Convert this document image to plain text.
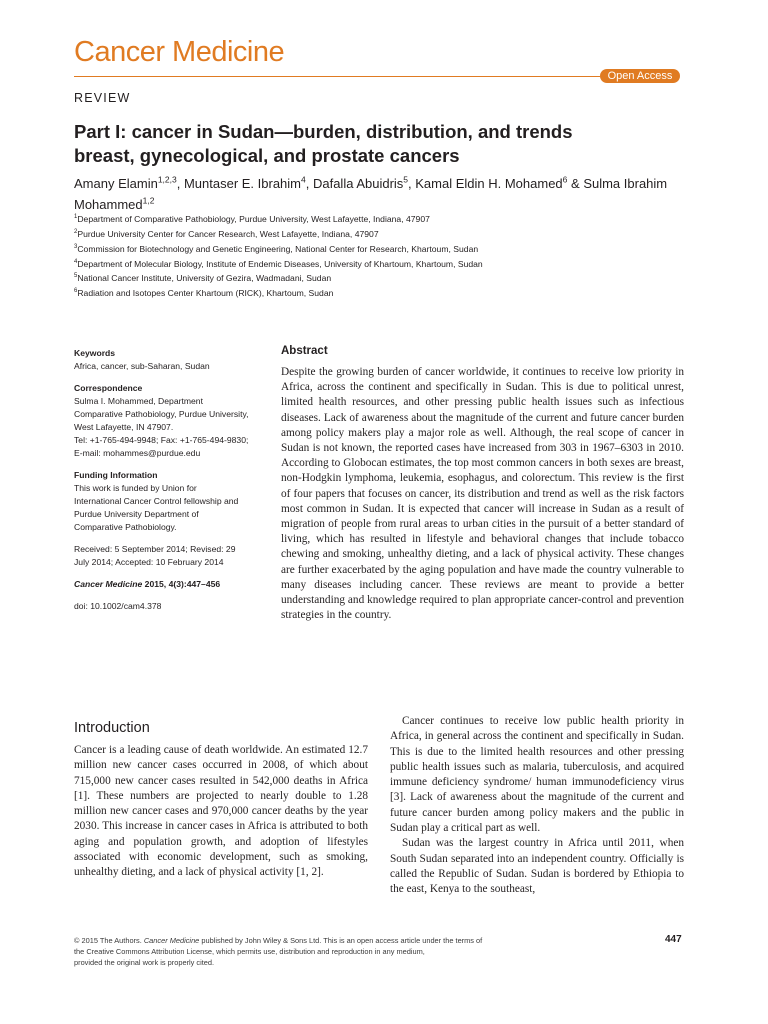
Cancer Medicine
Open Access
REVIEW
Part I: cancer in Sudan—burden, distribution, and trends
breast, gynecological, and prostate cancers
Amany Elamin$^{1,2,3}$, Muntaser E. Ibrahim$^4$, Dafalla Abuidris$^5$, Kamal Eldin H. Mohamed$^6$ & Sulma Ibrahim Mohammed$^{1,2}$
$^1$Department of Comparative Pathobiology, Purdue University, West Lafayette, Indiana, 47907
$^2$Purdue University Center for Cancer Research, West Lafayette, Indiana, 47907
$^3$Commission for Biotechnology and Genetic Engineering, National Center for Research, Khartoum, Sudan
$^4$Department of Molecular Biology, Institute of Endemic Diseases, University of Khartoum, Khartoum, Sudan
$^5$National Cancer Institute, University of Gezira, Wadmadani, Sudan
$^6$Radiation and Isotopes Center Khartoum (RICK), Khartoum, Sudan
Keywords
Africa, cancer, sub-Saharan, Sudan
Correspondence
Sulma I. Mohammed, Department
Comparative Pathobiology, Purdue University,
West Lafayette, IN 47907.
Tel: +1-765-494-9948; Fax: +1-765-494-9830;
E-mail: mohammes@purdue.edu
Funding Information
This work is funded by Union for
International Cancer Control fellowship and
Purdue University Department of
Comparative Pathobiology.
Received: 5 September 2014; Revised: 29
July 2014; Accepted: 10 February 2014
Cancer Medicine 2015, 4(3):447–456
doi: 10.1002/cam4.378
Abstract

Despite the growing burden of cancer worldwide, it continues to receive low priority in Africa, across the continent and specifically in Sudan. This is due to political unrest, limited health resources, and other pressing public health issues such as infectious diseases. Lack of awareness about the magnitude of the current and future cancer burden among policy makers play a major role as well. Although, the real scope of cancer in Sudan is not known, the reported cases have increased from 303 in 1967–6303 in 2010. According to Globocan estimates, the top most common cancers in both sexes are breast, non-Hodgkin lymphoma, leukemia, esophagus, and colorectum. This review is the first of four papers that focuses on cancer, its distribution and trend as well as the risk factors most common in Sudan. It is expected that cancer will increase in Sudan as a result of migration of people from rural areas to urban cities in the pursuit of a better standard of living, which has resulted in lifestyle and behavioral changes that include tobacco chewing and smoking, unhealthy dieting, and a lack of physical activity. These changes are further exacerbated by the aging population and have made the country vulnerable to many diseases including cancer. These reviews are meant to provide a better understanding and knowledge required to plan appropriate cancer-control and prevention strategies in the country.

Introduction

Cancer is a leading cause of death worldwide. An estimated 12.7 million new cancer cases occurred in 2008, of which about 715,000 new cancer cases resulted in 542,000 deaths in Africa [1]. These numbers are projected to nearly double to 1.28 million new cancer cases and 970,000 cancer deaths by the year 2030. This increase in cancer cases in Africa is attributed to both aging and population growth, and adoption of lifestyles associated with economic development, such as smoking, unhealthy dieting, and a lack of physical activity [1, 2].

Cancer continues to receive low public health priority in Africa, in general across the continent and specifically in Sudan. This is due to the limited health resources and other pressing public health issues such as malaria, tuberculosis, and acquired immune deficiency syndrome/ human immunodeficiency virus [3]. Lack of awareness about the magnitude of the current and future cancer burden among policy makers and the public in Sudan play a critical part as well.

Sudan was the largest country in Africa until 2011, when South Sudan separated into an independent country. Officially is called the Republic of Sudan. Sudan is bordered by Ethiopia to the east, Kenya to the southeast,

© 2015 The Authors. Cancer Medicine published by John Wiley & Sons Ltd. This is an open access article under the terms of
the Creative Commons Attribution License, which permits use, distribution and reproduction in any medium,
provided the original work is properly cited.
447
